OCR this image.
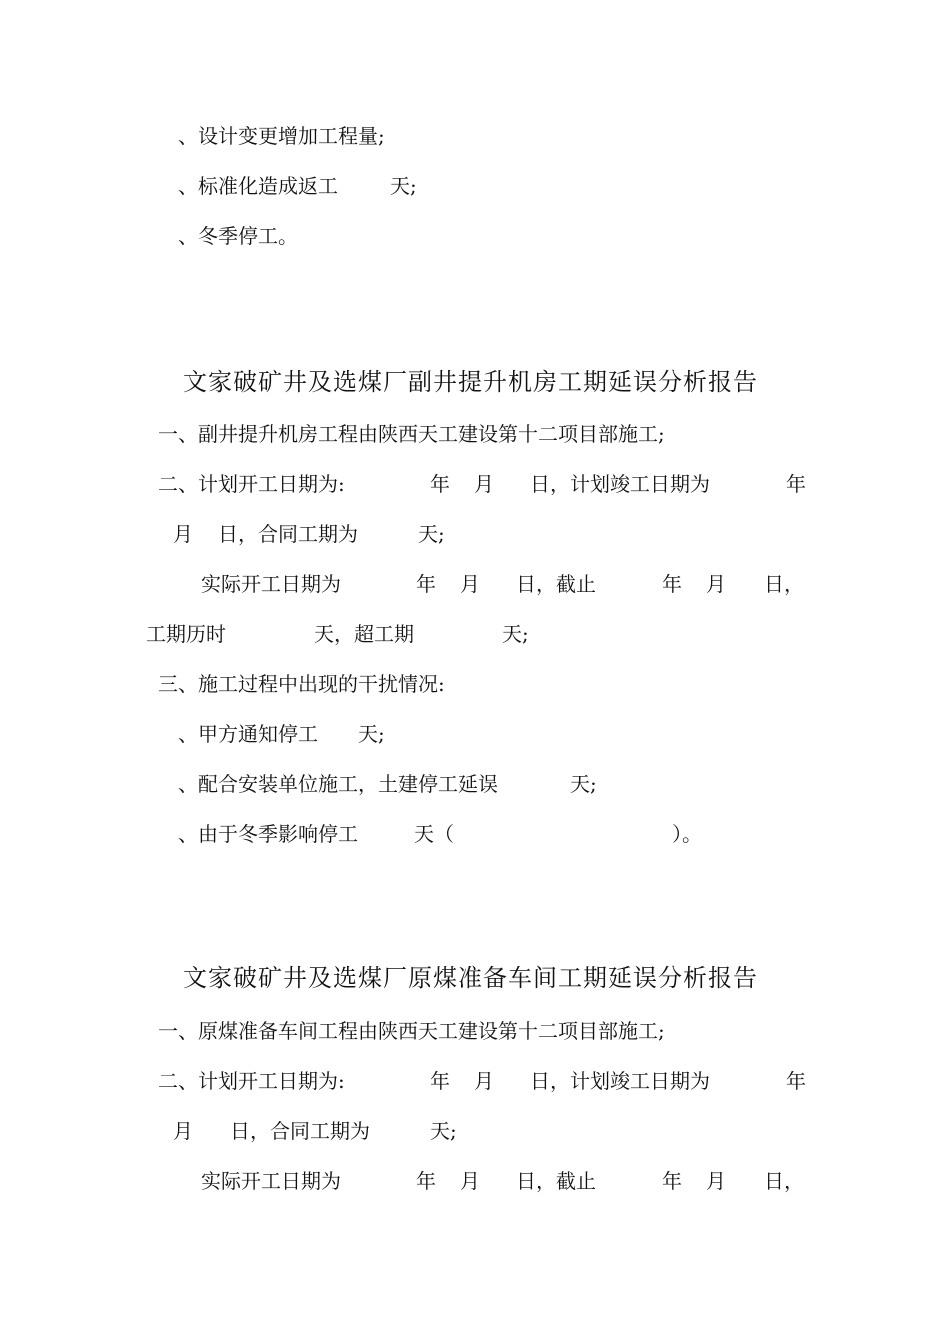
、设计变更增加工程量;
、标准化造成返工	天;
、冬季停工。
文家破矿井及选煤厂副井提升机房工期延误分析报告
一、副井提升机房工程由陕西天工建设第十二项目部施工;
二、计划开工日期为:	年 月 日，计划竣工日期为	年
月 日，合同工期为	天;
实际开工日期为	年 月 日，截止	年 月 日，
工期历时	天，超工期	天;
三、施工过程中出现的干扰情况:
、甲方通知停工 天;
、配合安装单位施工，土建停工延误	天;
、由于冬季影响停工	天（	）。
文家破矿井及选煤厂原煤准备车间工期延误分析报告
一、原煤准备车间工程由陕西天工建设第十二项目部施工;
二、计划开工日期为:	年 月 日，计划竣工日期为	年
月 日，合同工期为	天;
实际开工日期为	年 月 日，截止	年 月 日，
